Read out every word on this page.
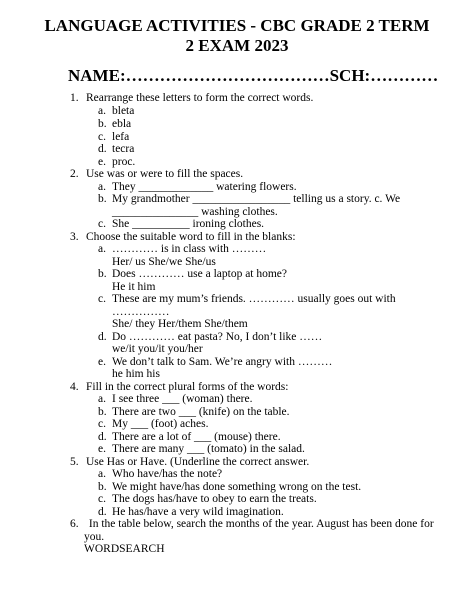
LANGUAGE ACTIVITIES - CBC GRADE 2 TERM
2 EXAM 2023
NAME:………………………………SCH:…………
1. Rearrange these letters to form the correct words.
a. bleta
b. ebla
c. lefa
d. tecra
e. proc.
2. Use was or were to fill the spaces.
a. They _____________ watering flowers.
b. My grandmother _________________ telling us a story. c. We
_______________ washing clothes.
c. She __________ ironing clothes.
3. Choose the suitable word to fill in the blanks:
a. ………… is in class with ………
Her/ us She/we She/us
b. Does ………… use a laptop at home?
He it him
c. These are my mum’s friends. ………… usually goes out with
……………
She/ they Her/them She/them
d. Do ………… eat pasta? No, I don’t like ……
we/it you/it you/her
e. We don’t talk to Sam. We’re angry with ………
he him his
4. Fill in the correct plural forms of the words:
a. I see three ___ (woman) there.
b. There are two ___ (knife) on the table.
c. My ___ (foot) aches.
d. There are a lot of ___ (mouse) there.
e. There are many ___ (tomato) in the salad.
5. Use Has or Have. (Underline the correct answer.
a. Who have/has the note?
b. We might have/has done something wrong on the test.
c. The dogs has/have to obey to earn the treats.
d. He has/have a very wild imagination.
6. In the table below, search the months of the year. August has been done for
you.
WORDSEARCH
